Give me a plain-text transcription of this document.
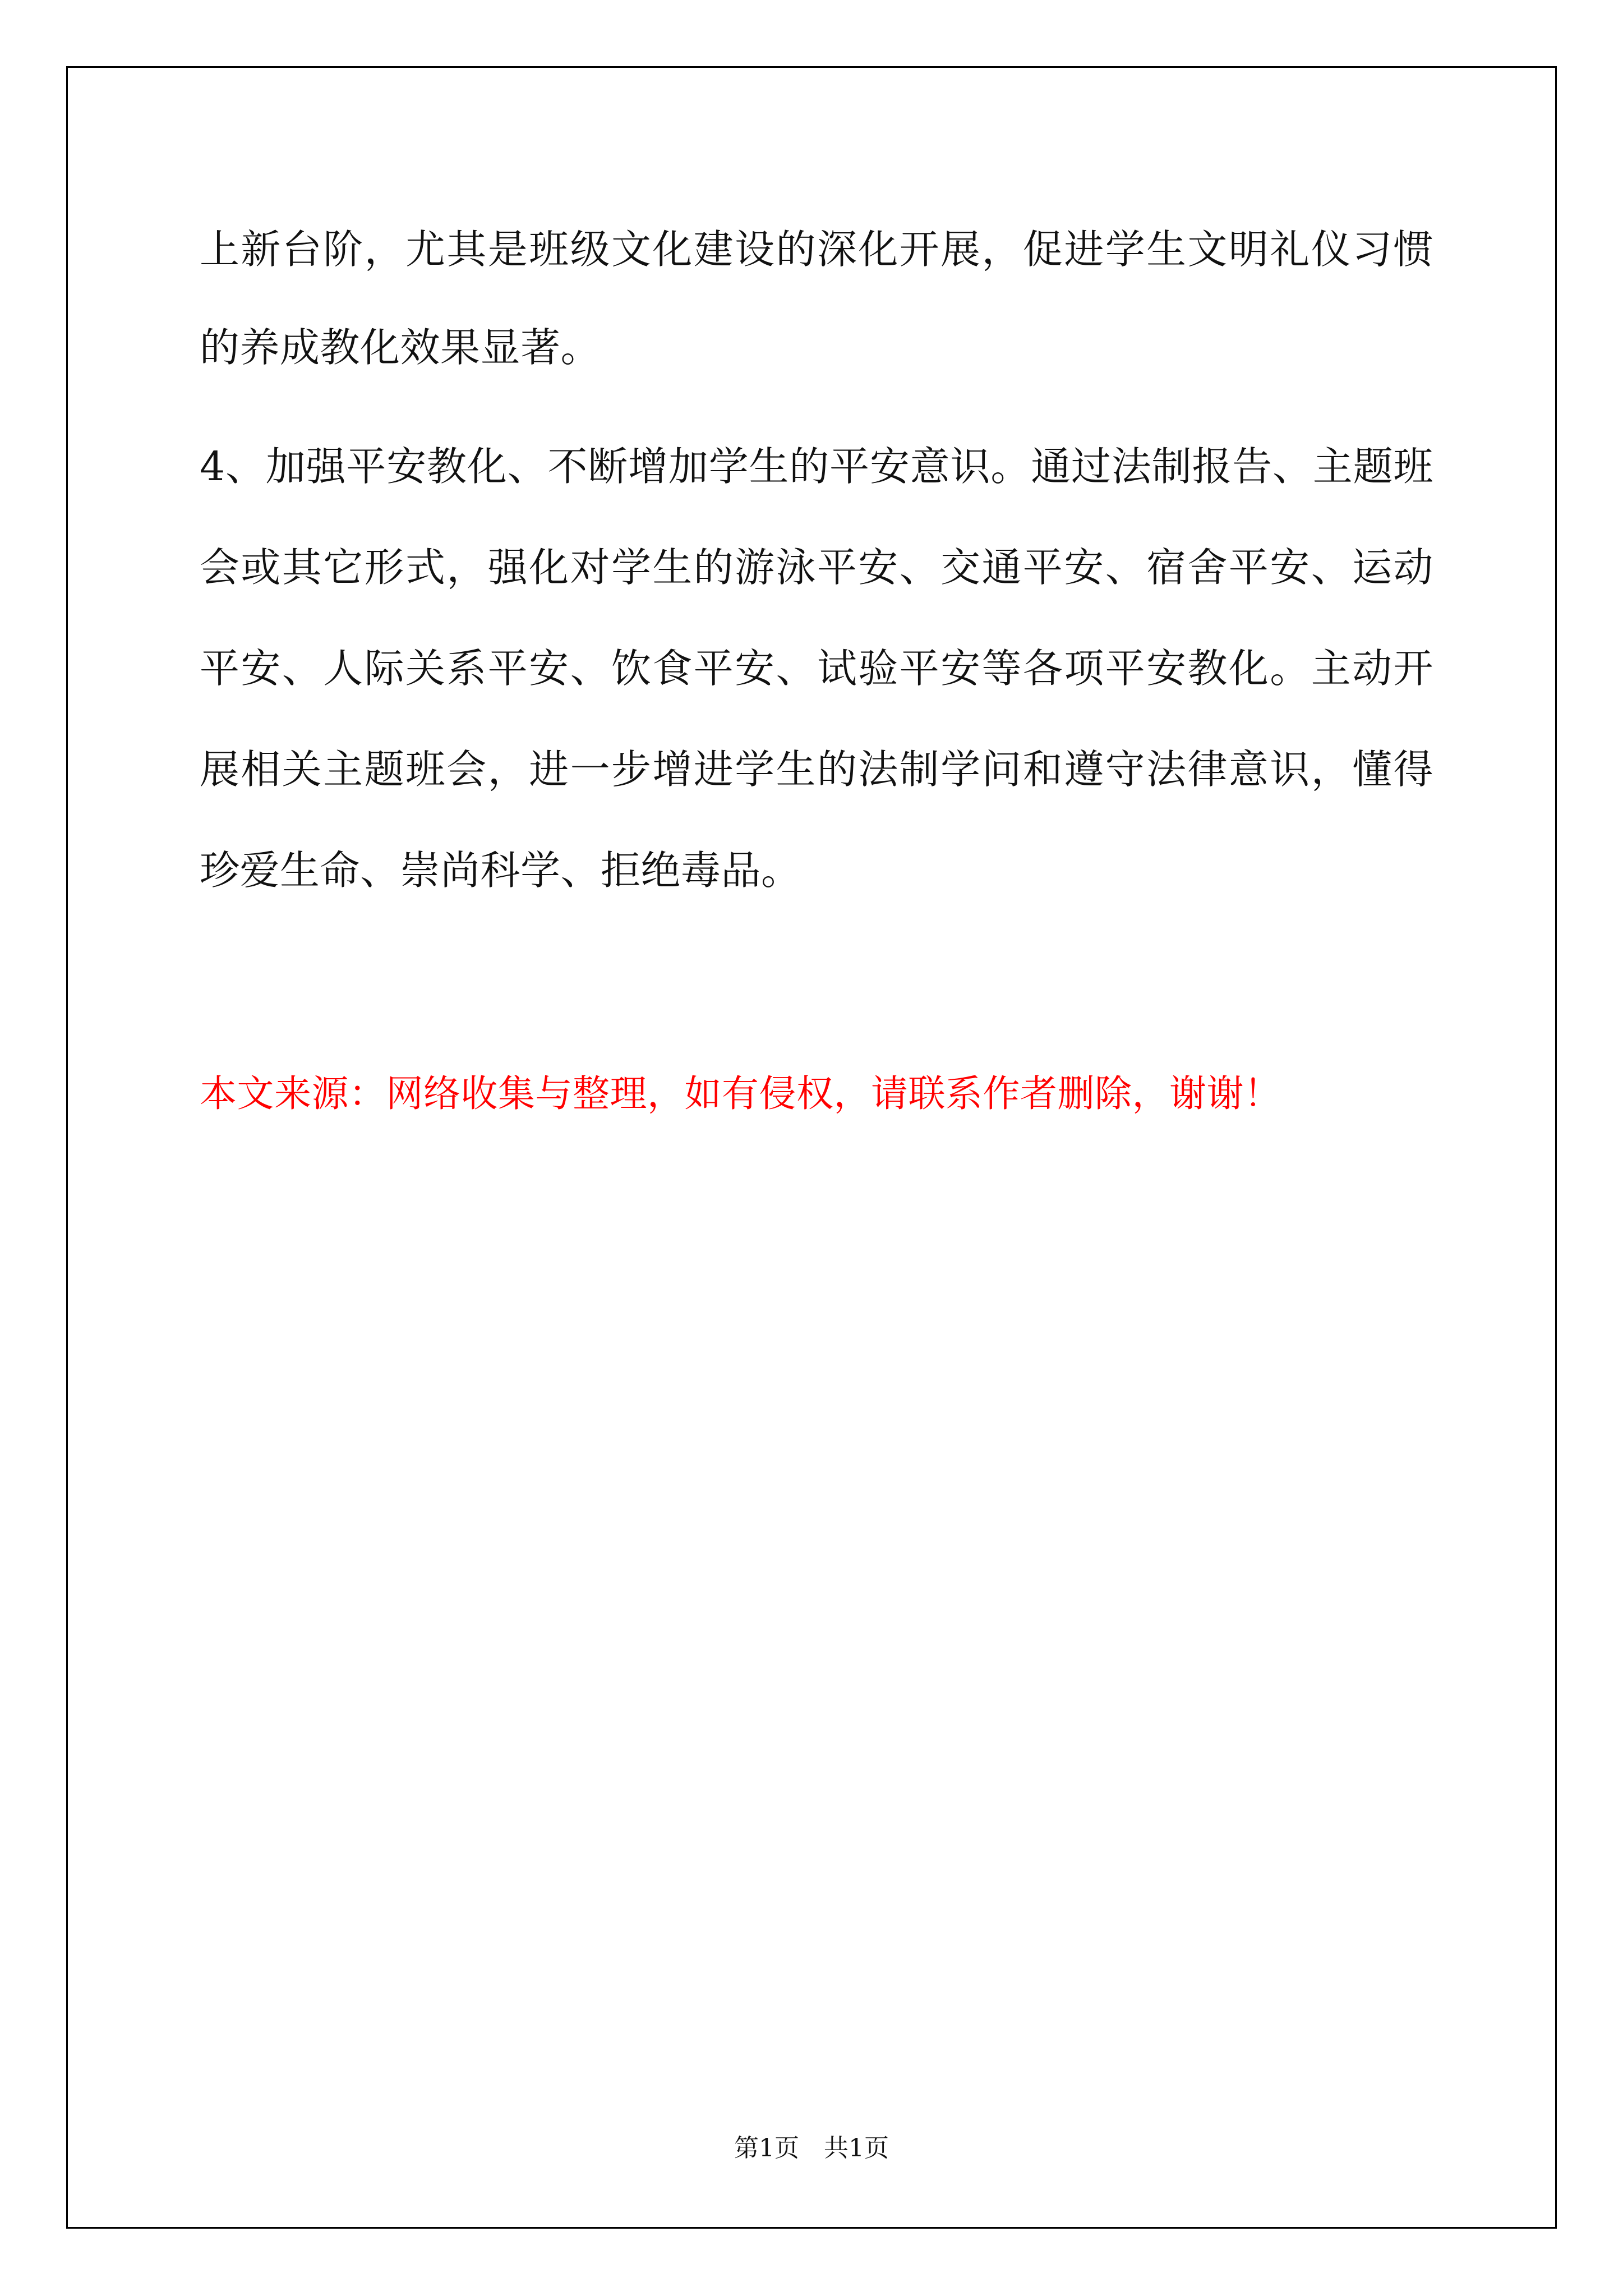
上新台阶，尤其是班级文化建设的深化开展，促进学生文明礼仪习惯
的养成教化效果显著。
4、加强平安教化、不断增加学生的平安意识。通过法制报告、主题班
会或其它形式，强化对学生的游泳平安、交通平安、宿舍平安、运动
平安、人际关系平安、饮食平安、试验平安等各项平安教化。主动开
展相关主题班会，进一步增进学生的法制学问和遵守法律意识，懂得
珍爱生命、崇尚科学、拒绝毒品。
本文来源：网络收集与整理，如有侵权，请联系作者删除，谢谢！
第1页　共1页
